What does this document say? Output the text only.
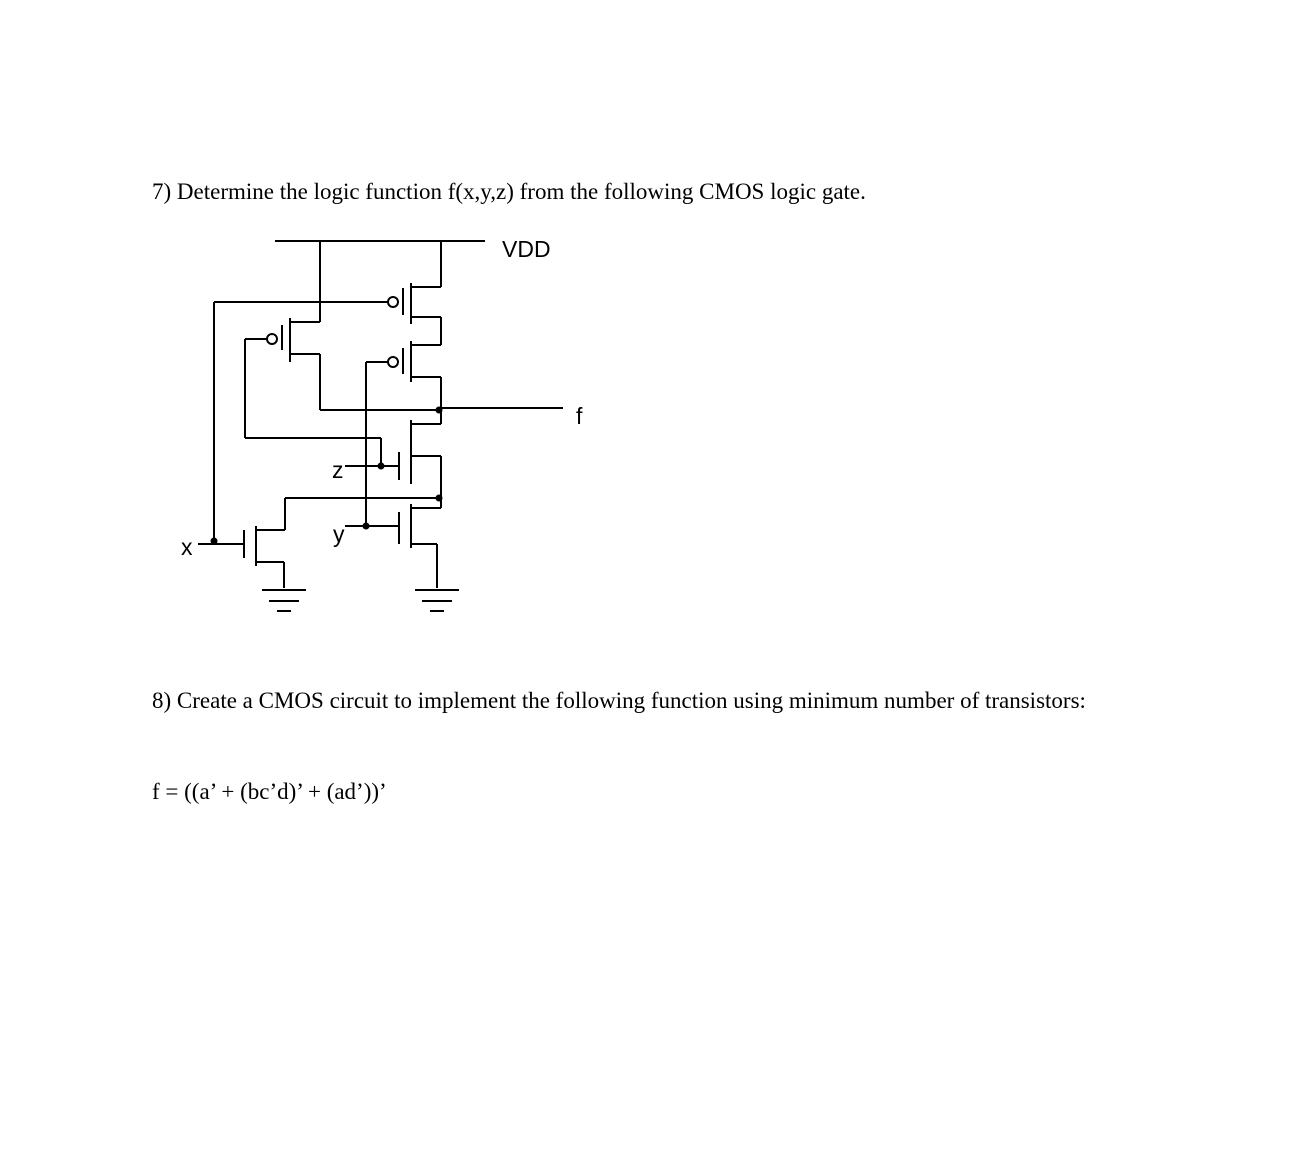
7) Determine the logic function f(x,y,z) from the following CMOS logic gate.
VDD
f
z
y
x
8) Create a CMOS circuit to implement the following function using minimum number of transistors:
f = ((a’ + (bc’d)’ + (ad’))’
